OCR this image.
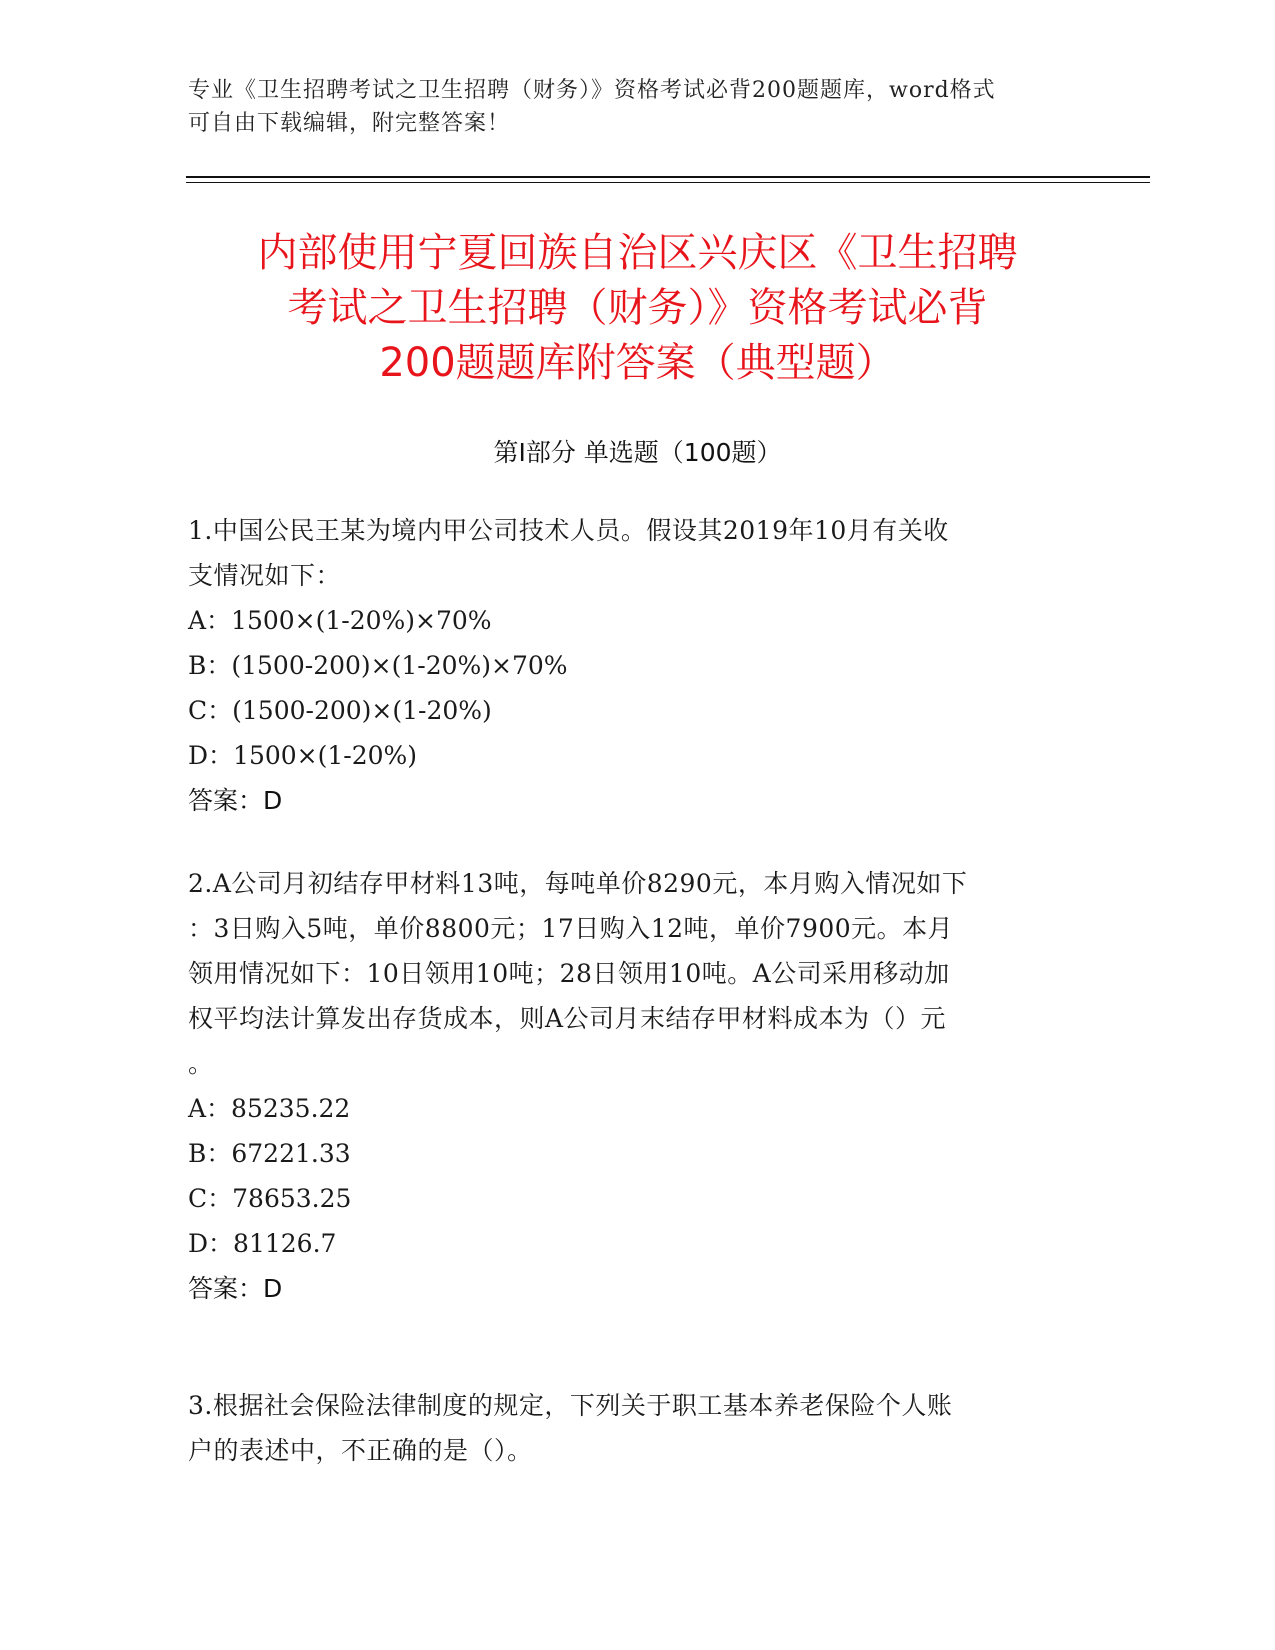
专业《卫生招聘考试之卫生招聘（财务）》资格考试必背200题题库，word格式
可自由下载编辑，附完整答案！
内部使用宁夏回族自治区兴庆区《卫生招聘
考试之卫生招聘（财务）》资格考试必背
200题题库附答案（典型题）
第Ⅰ部分 单选题（100题）
1.中国公民王某为境内甲公司技术人员。假设其2019年10月有关收
支情况如下：
A：1500×(1-20%)×70%
B：(1500-200)×(1-20%)×70%
C：(1500-200)×(1-20%)
D：1500×(1-20%)
答案：D
2.A公司月初结存甲材料13吨，每吨单价8290元，本月购入情况如下
：3日购入5吨，单价8800元；17日购入12吨，单价7900元。本月
领用情况如下：10日领用10吨；28日领用10吨。A公司采用移动加
权平均法计算发出存货成本，则A公司月末结存甲材料成本为（）元
。
A：85235.22
B：67221.33
C：78653.25
D：81126.7
答案：D
3.根据社会保险法律制度的规定，下列关于职工基本养老保险个人账
户的表述中，不正确的是（）。
